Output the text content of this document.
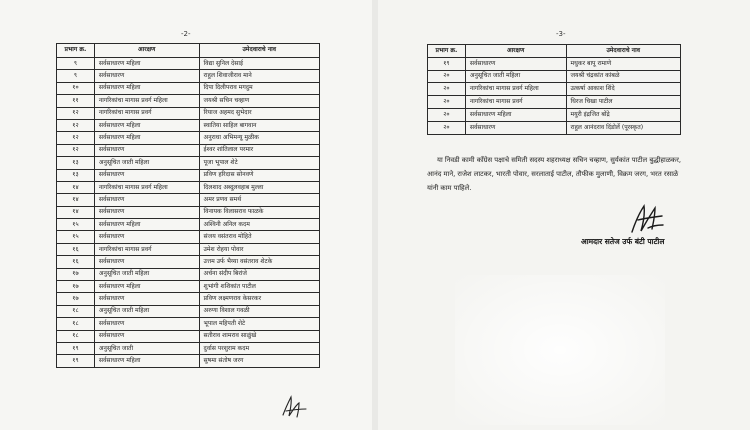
-2-	-3-
प्रभाग क्र.	आरक्षण	उमेदवाराचे नाव
९	सर्वसाधारण महिला	विद्या सुनिल देसाई
९	सर्वसाधारण	राहुल शिवाजीराव माने
१०	सर्वसाधारण महिला	दिपा दिलीपराव मगदुम
११	नागरिकांचा मागास प्रवर्ग महिला	जयश्री सचिन चव्हाण
१२	नागरिकांचा मागास प्रवर्ग	रियाज अहमद सुभेदार
१२	सर्वसाधारण महिला	स्वातिया साहिल बागवान
१२	सर्वसाधारण महिला	अनुराधा अभिमन्यू मुळीक
१२	सर्वसाधारण	ईश्वर शांतिलाल परमार
१३	अनुसूचित जाती महिला	पूजा भूपाल शेटे
१३	सर्वसाधारण	प्रविण हरिदास सोनवणे
१४	नागरिकांचा मागास प्रवर्ग महिला	दिलशाद अब्दुलवहाब मुल्ला
१४	सर्वसाधारण	अमर प्रणव समर्थ
१४	सर्वसाधारण	विनायक विलासराव फाळके
१५	सर्वसाधारण महिला	अश्विनी अनिल कदम
१५	सर्वसाधारण	संजय वसंतराव मोहिते
१६	नागरिकांचा मागास प्रवर्ग	उमेश रोहया पोवार
१६	सर्वसाधारण	उत्तम उर्फ भैय्या वसंतराव शेटके
१७	अनुसूचित जाती महिला	अर्चना संदीप बिरांजे
१७	सर्वसाधारण महिला	शुभांगी शशिकांत पाटील
१७	सर्वसाधारण	प्रविण लक्ष्मणराव केसरकर
१८	अनुसूचित जाती महिला	अरुणा विशाल गवळी
१८	सर्वसाधारण	भूपाल महिपती शेटे
१८	सर्वसाधारण	सतीराव शामराव साळुंखे
१९	अनुसूचित जाती	दुर्वास परशुराम कदम
१९	सर्वसाधारण महिला	सुषमा संतोष जरग
प्रभाग क्र.	आरक्षण	उमेदवाराचे नाव
१९	सर्वसाधारण	मधुकर बापू रामाणे
२०	अनुसूचित जाती महिला	जयश्री चंद्रकांत कांबळे
२०	नागरिकांचा मागास प्रवर्ग महिला	उत्कर्षा आकाश शिंदे
२०	नागरिकांचा मागास प्रवर्ग	धिरज चिखा पाटील
२०	सर्वसाधारण महिला	मयुरी इंद्रजित बोंद्रे
२०	सर्वसाधारण	राहुल आनंदराव दिंडोर्ले (पूरस्कृत)

या निवडी कामी काँग्रेस पक्षाचे समिती सदस्य शहराध्यक्ष सचिन चव्हाण, सुर्यकांत पाटील बुद्धीहाळकर, आनंद माने, राजेश लाटकर, भारती पोवार, सरलाताई पाटील, तौफीक मुलाणी, विक्रम जरग, भरत रसाळे यांनी काम पाहिले.

आमदार सतेज उर्फ बंटी पाटील
